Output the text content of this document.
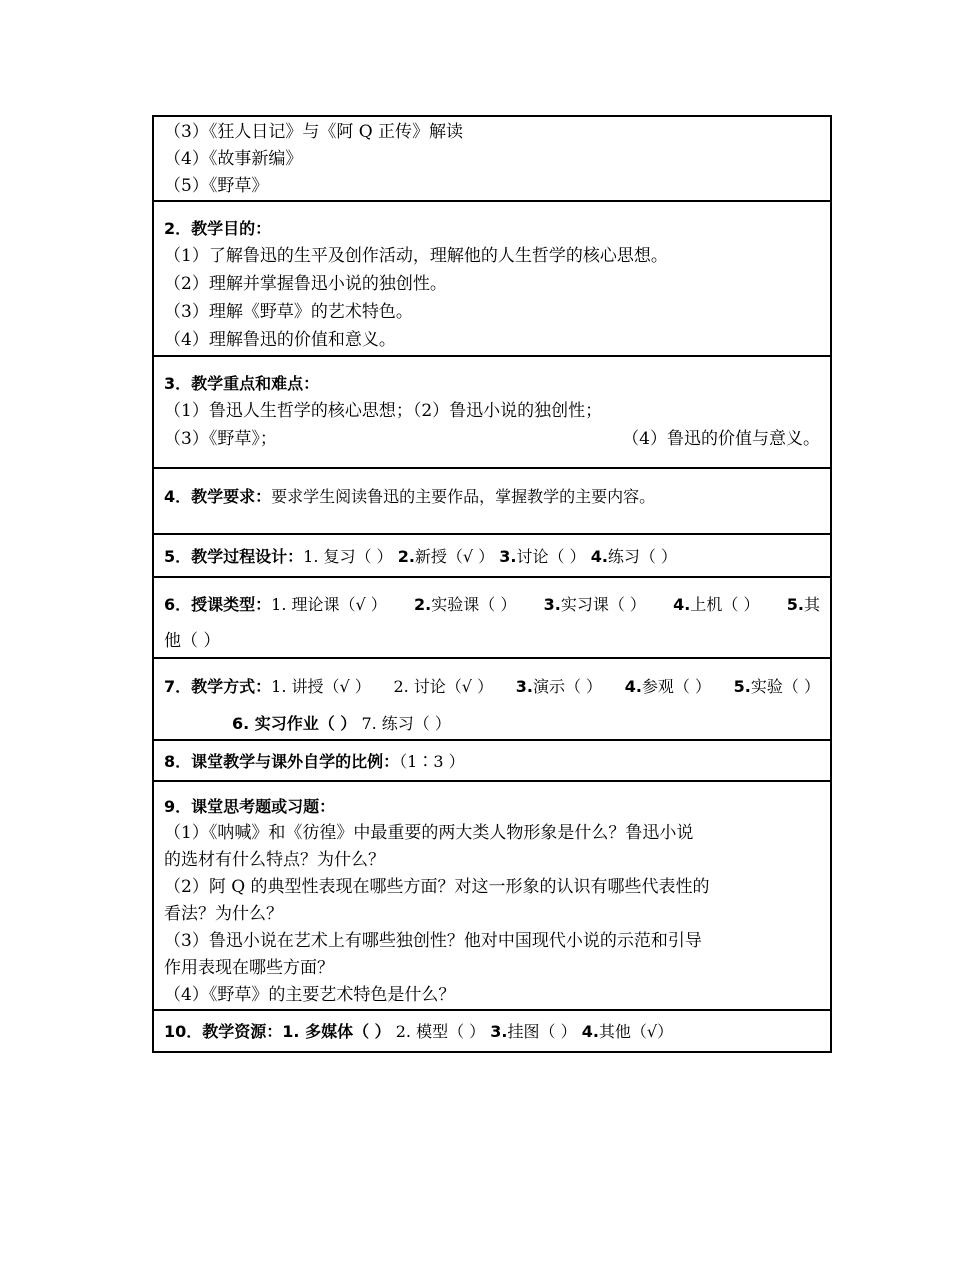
（3）《狂人日记》与《阿 Q 正传》解读
（4）《故事新编》
（5）《野草》
2．教学目的：
（1）了解鲁迅的生平及创作活动，理解他的人生哲学的核心思想。
（2）理解并掌握鲁迅小说的独创性。
（3）理解《野草》的艺术特色。
（4）理解鲁迅的价值和意义。
3．教学重点和难点：
（1）鲁迅人生哲学的核心思想；（2）鲁迅小说的独创性；
（3）《野草》；	（4）鲁迅的价值与意义。
4．教学要求：要求学生阅读鲁迅的主要作品，掌握教学的主要内容。
5．教学过程设计：1. 复习（ ） 2.新授（√ ） 3.讨论（ ） 4.练习（ ）
6．授课类型：1. 理论课（√ ） 2.实验课（ ） 3.实习课（ ） 4.上机（ ） 5.其
他（ ）
7．教学方式：1. 讲授（√ ） 2. 讨论（√ ） 3.演示（ ） 4.参观（ ） 5.实验（ ）
6. 实习作业（ ） 7. 练习（ ）
8．课堂教学与课外自学的比例：（1∶3 ）
9．课堂思考题或习题：
（1）《呐喊》和《彷徨》中最重要的两大类人物形象是什么？鲁迅小说
的选材有什么特点？为什么？
（2）阿 Q 的典型性表现在哪些方面？对这一形象的认识有哪些代表性的
看法？为什么？
（3）鲁迅小说在艺术上有哪些独创性？他对中国现代小说的示范和引导
作用表现在哪些方面？
（4）《野草》的主要艺术特色是什么？
10．教学资源：1. 多媒体（ ） 2. 模型（ ） 3.挂图（ ） 4.其他（√）
